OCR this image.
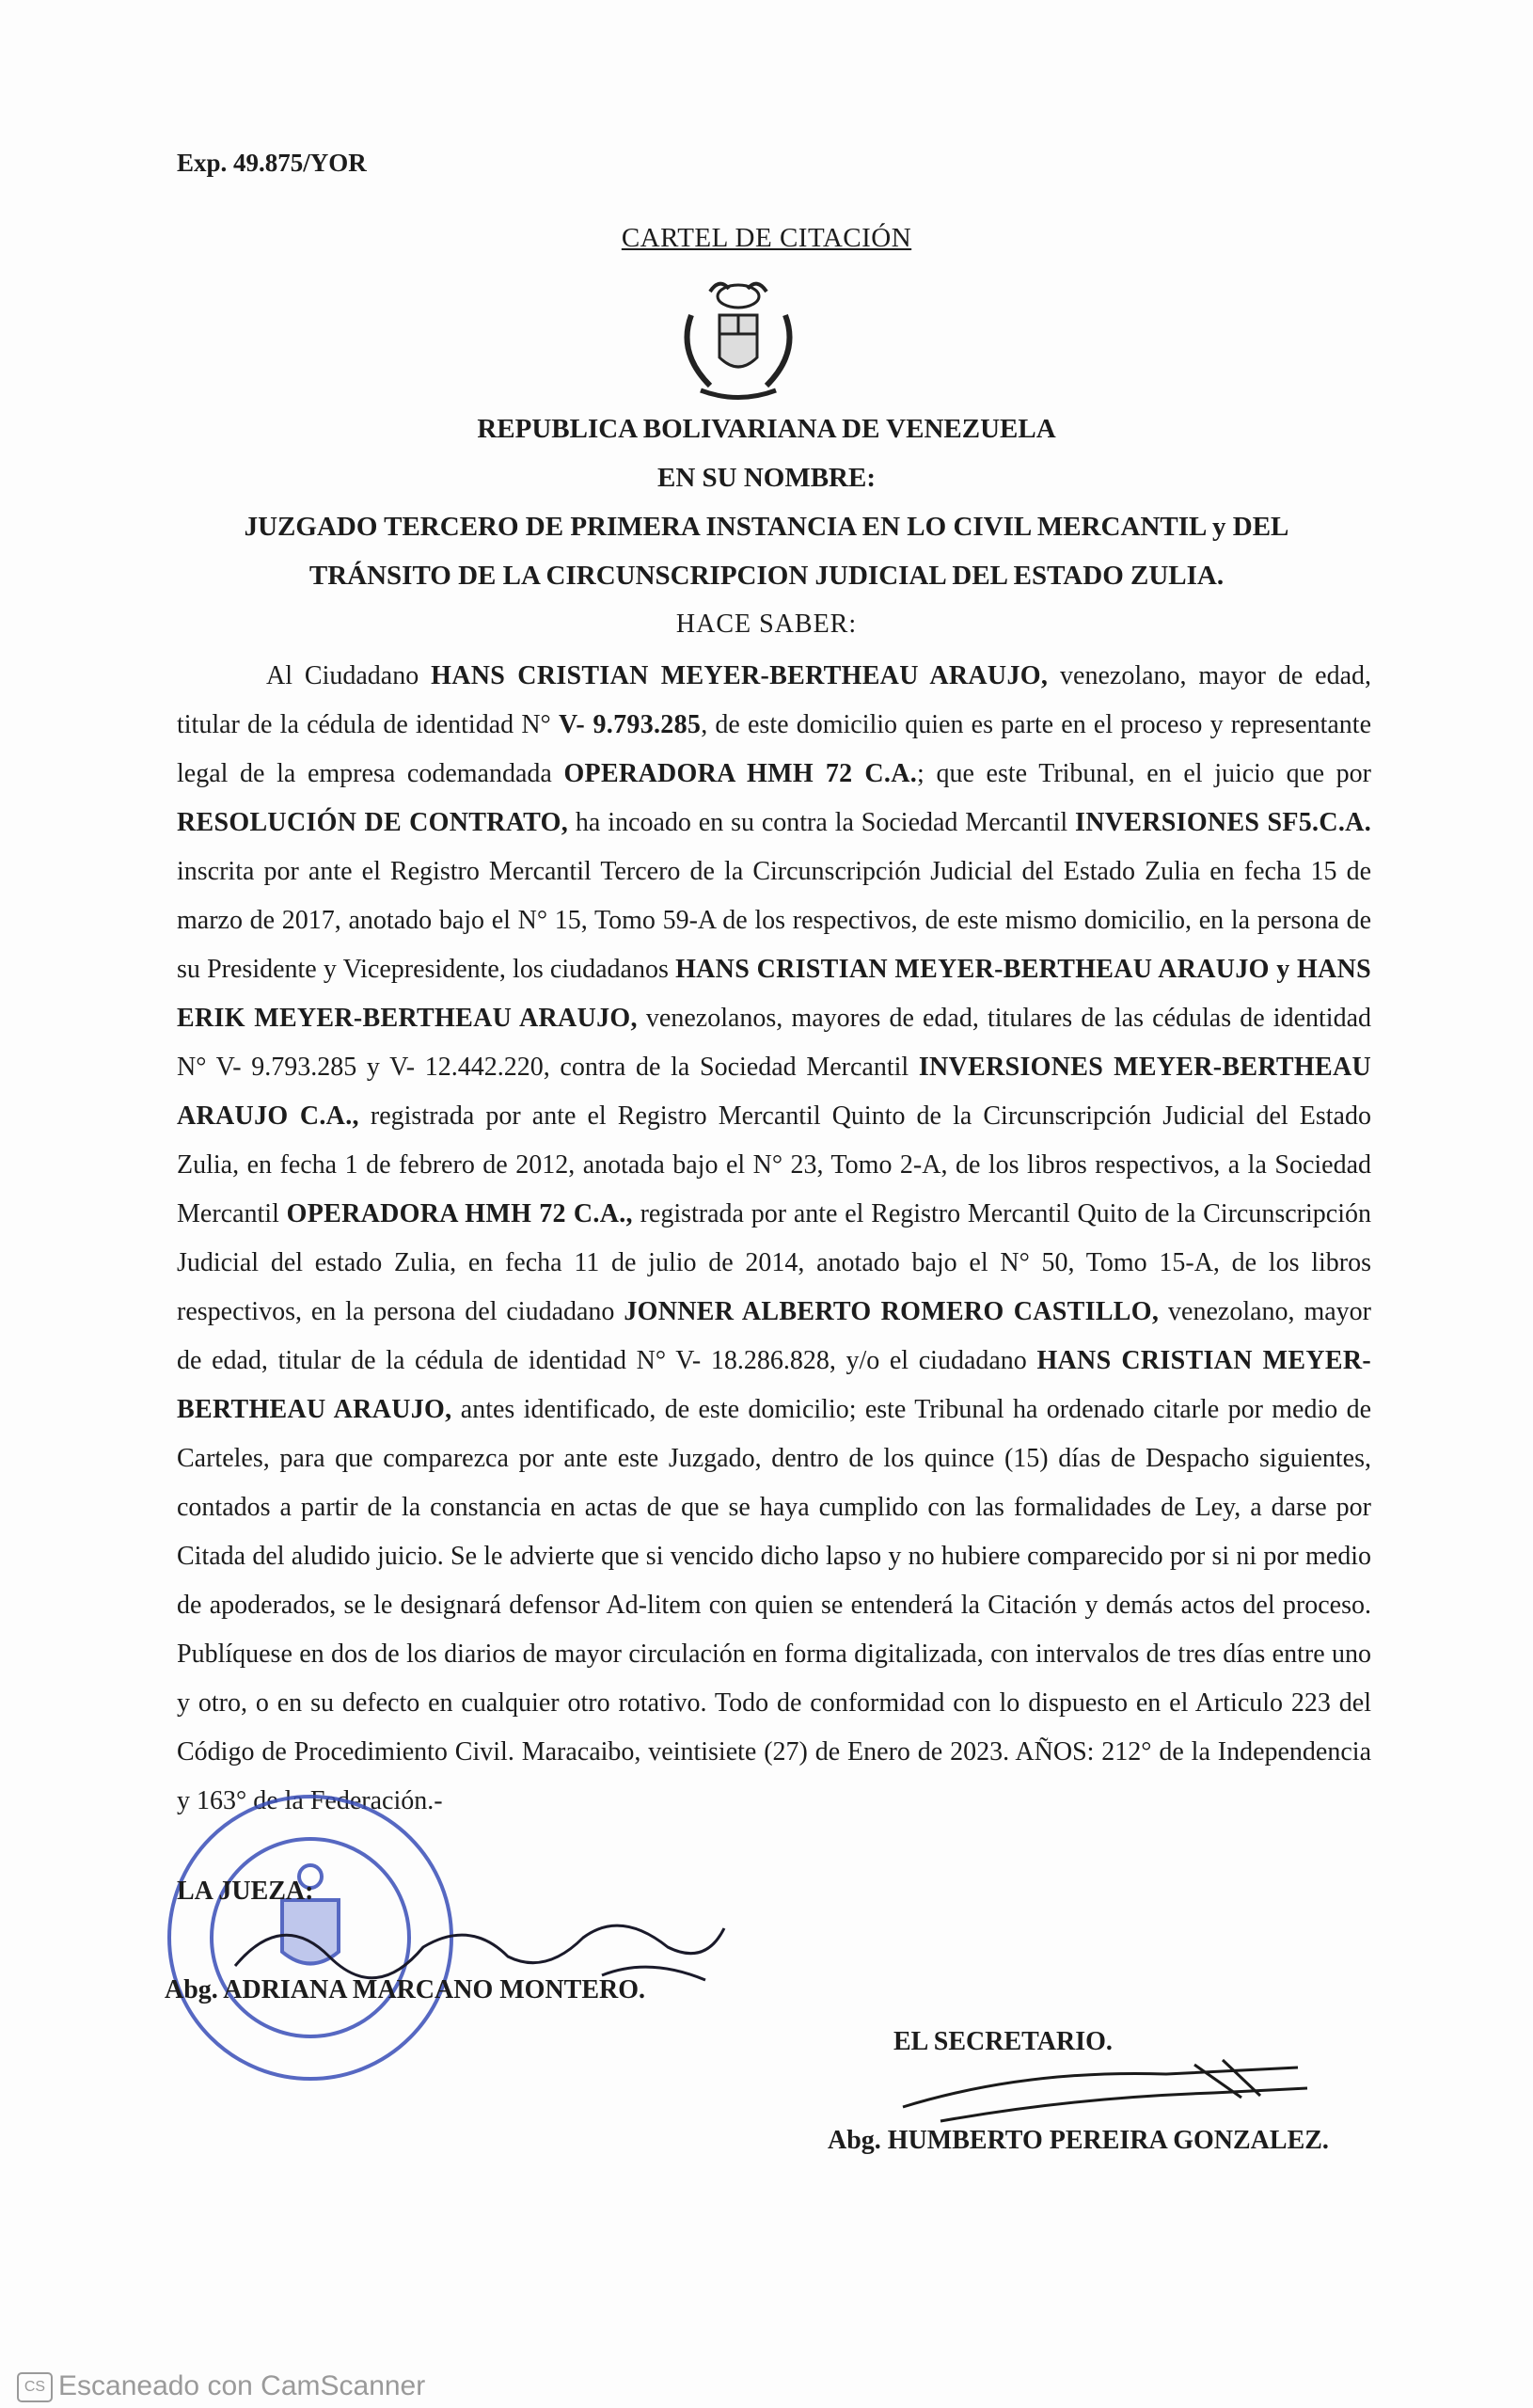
Exp. 49.875/YOR
CARTEL DE CITACIÓN
REPUBLICA BOLIVARIANA DE VENEZUELA
EN SU NOMBRE:
JUZGADO TERCERO DE PRIMERA INSTANCIA EN LO CIVIL MERCANTIL y DEL
TRÁNSITO DE LA CIRCUNSCRIPCION JUDICIAL DEL ESTADO ZULIA.
HACE SABER:
Al Ciudadano HANS CRISTIAN MEYER-BERTHEAU ARAUJO, venezolano, mayor de edad, titular de la cédula de identidad N° V- 9.793.285, de este domicilio quien es parte en el proceso y representante legal de la empresa codemandada OPERADORA HMH 72 C.A.; que este Tribunal, en el juicio que por RESOLUCIÓN DE CONTRATO, ha incoado en su contra la Sociedad Mercantil INVERSIONES SF5.C.A. inscrita por ante el Registro Mercantil Tercero de la Circunscripción Judicial del Estado Zulia en fecha 15 de marzo de 2017, anotado bajo el N° 15, Tomo 59-A de los respectivos, de este mismo domicilio, en la persona de su Presidente y Vicepresidente, los ciudadanos HANS CRISTIAN MEYER-BERTHEAU ARAUJO y HANS ERIK MEYER-BERTHEAU ARAUJO, venezolanos, mayores de edad, titulares de las cédulas de identidad N° V- 9.793.285 y V- 12.442.220, contra de la Sociedad Mercantil INVERSIONES MEYER-BERTHEAU ARAUJO C.A., registrada por ante el Registro Mercantil Quinto de la Circunscripción Judicial del Estado Zulia, en fecha 1 de febrero de 2012, anotada bajo el N° 23, Tomo 2-A, de los libros respectivos, a la Sociedad Mercantil OPERADORA HMH 72 C.A., registrada por ante el Registro Mercantil Quito de la Circunscripción Judicial del estado Zulia, en fecha 11 de julio de 2014, anotado bajo el N° 50, Tomo 15-A, de los libros respectivos, en la persona del ciudadano JONNER ALBERTO ROMERO CASTILLO, venezolano, mayor de edad, titular de la cédula de identidad N° V- 18.286.828, y/o el ciudadano HANS CRISTIAN MEYER-BERTHEAU ARAUJO, antes identificado, de este domicilio; este Tribunal ha ordenado citarle por medio de Carteles, para que comparezca por ante este Juzgado, dentro de los quince (15) días de Despacho siguientes, contados a partir de la constancia en actas de que se haya cumplido con las formalidades de Ley, a darse por Citada del aludido juicio. Se le advierte que si vencido dicho lapso y no hubiere comparecido por si ni por medio de apoderados, se le designará defensor Ad-litem con quien se entenderá la Citación y demás actos del proceso. Publíquese en dos de los diarios de mayor circulación en forma digitalizada, con intervalos de tres días entre uno y otro, o en su defecto en cualquier otro rotativo. Todo de conformidad con lo dispuesto en el Articulo 223 del Código de Procedimiento Civil. Maracaibo, veintisiete (27) de Enero de 2023. AÑOS: 212° de la Independencia y 163° de la Federación.-
LA JUEZA:
Abg. ADRIANA MARCANO MONTERO.
EL SECRETARIO.
Abg. HUMBERTO PEREIRA GONZALEZ.
CS Escaneado con CamScanner
